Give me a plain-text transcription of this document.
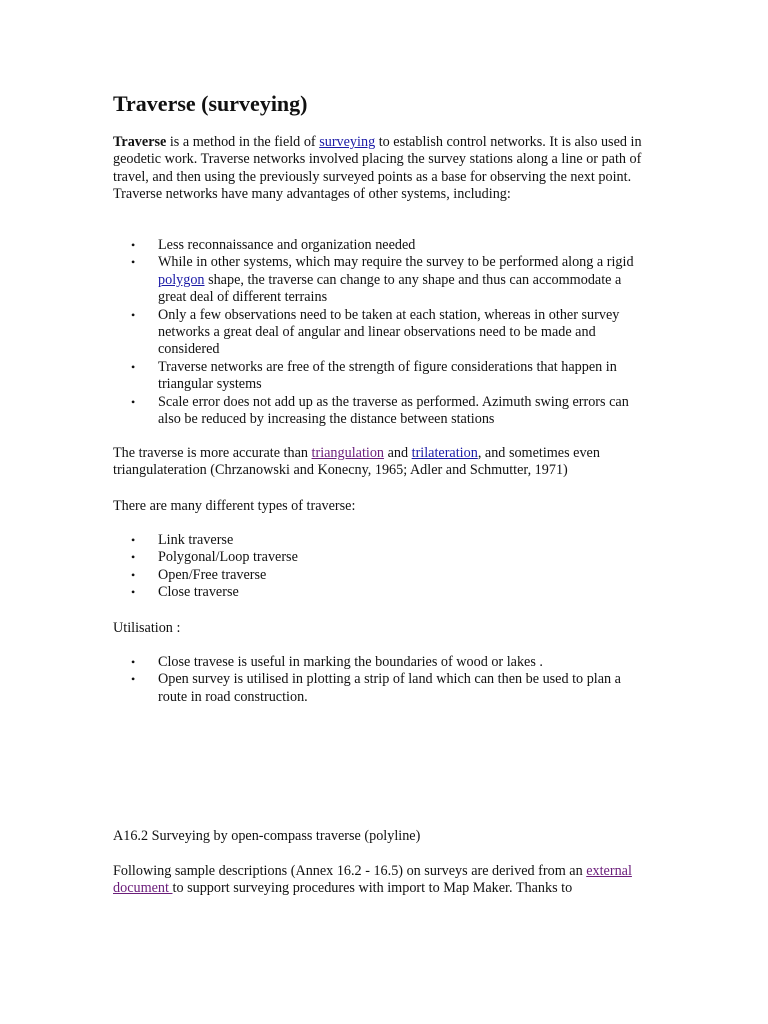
Traverse (surveying)

Traverse is a method in the field of surveying to establish control networks. It is also used in geodetic work. Traverse networks involved placing the survey stations along a line or path of travel, and then using the previously surveyed points as a base for observing the next point. Traverse networks have many advantages of other systems, including:

• Less reconnaissance and organization needed
• While in other systems, which may require the survey to be performed along a rigid polygon shape, the traverse can change to any shape and thus can accommodate a great deal of different terrains
• Only a few observations need to be taken at each station, whereas in other survey networks a great deal of angular and linear observations need to be made and considered
• Traverse networks are free of the strength of figure considerations that happen in triangular systems
• Scale error does not add up as the traverse as performed. Azimuth swing errors can also be reduced by increasing the distance between stations

The traverse is more accurate than triangulation and trilateration, and sometimes even triangulateration (Chrzanowski and Konecny, 1965; Adler and Schmutter, 1971)

There are many different types of traverse:

• Link traverse
• Polygonal/Loop traverse
• Open/Free traverse
• Close traverse

Utilisation :

• Close travese is useful in marking the boundaries of wood or lakes .
• Open survey is utilised in plotting a strip of land which can then be used to plan a route in road construction.

A16.2 Surveying by open-compass traverse (polyline)

Following sample descriptions (Annex 16.2 - 16.5) on surveys are derived from an external document to support surveying procedures with import to Map Maker. Thanks to
